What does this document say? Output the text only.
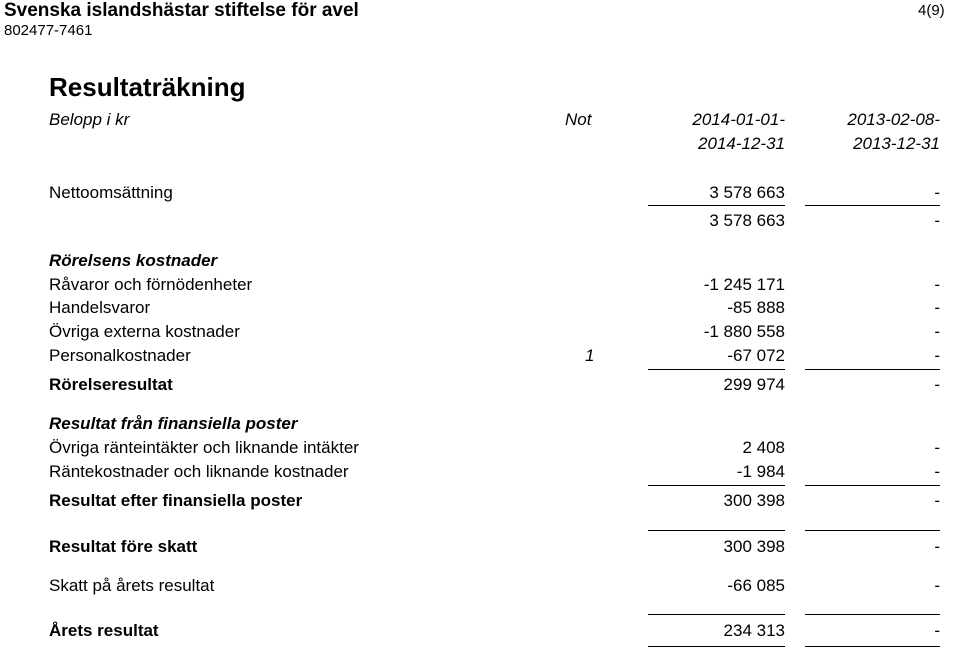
Svenska islandshästar stiftelse för avel
802477-7461
4(9)
Resultaträkning
Belopp i kr	Not	2014-01-01-
2014-12-31
2013-02-08-
2013-12-31
Nettoomsättning	3 578 663	-
3 578 663	-
Rörelsens kostnader
Råvaror och förnödenheter	-1 245 171	-
Handelsvaror	-85 888	-
Övriga externa kostnader	-1 880 558	-
Personalkostnader	1	-67 072	-
Rörelseresultat	299 974	-
Resultat från finansiella poster
Övriga ränteintäkter och liknande intäkter	2 408	-
Räntekostnader och liknande kostnader	-1 984	-
Resultat efter finansiella poster	300 398	-
Resultat före skatt	300 398	-
Skatt på årets resultat	-66 085	-
Årets resultat	234 313	-
